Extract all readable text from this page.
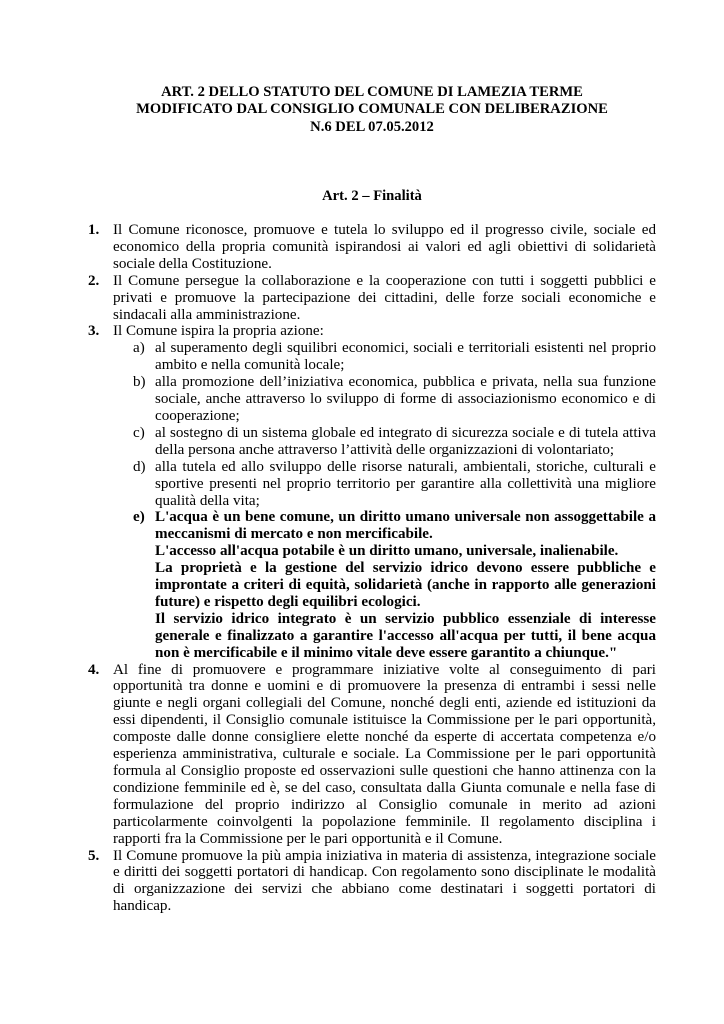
ART. 2 DELLO STATUTO DEL COMUNE DI LAMEZIA TERME
MODIFICATO DAL CONSIGLIO COMUNALE CON DELIBERAZIONE
N.6 DEL 07.05.2012
Art. 2 – Finalità
1. Il Comune riconosce, promuove e tutela lo sviluppo ed il progresso civile, sociale ed economico della propria comunità ispirandosi ai valori ed agli obiettivi di solidarietà sociale della Costituzione.
2. Il Comune persegue la collaborazione e la cooperazione con tutti i soggetti pubblici e privati e promuove la partecipazione dei cittadini, delle forze sociali economiche e sindacali alla amministrazione.
3. Il Comune ispira la propria azione:
a) al superamento degli squilibri economici, sociali e territoriali esistenti nel proprio ambito e nella comunità locale;
b) alla promozione dell’iniziativa economica, pubblica e privata, nella sua funzione sociale, anche attraverso lo sviluppo di forme di associazionismo economico e di cooperazione;
c) al sostegno di un sistema globale ed integrato di sicurezza sociale e di tutela attiva della persona anche attraverso l’attività delle organizzazioni di volontariato;
d) alla tutela ed allo sviluppo delle risorse naturali, ambientali, storiche, culturali e sportive presenti nel proprio territorio per garantire alla collettività una migliore qualità della vita;
e) L'acqua è un bene comune, un diritto umano universale non assoggettabile a meccanismi di mercato e non mercificabile.
L'accesso all'acqua potabile è un diritto umano, universale, inalienabile.
La proprietà e la gestione del servizio idrico devono essere pubbliche e improntate a criteri di equità, solidarietà (anche in rapporto alle generazioni future) e rispetto degli equilibri ecologici.
Il servizio idrico integrato è un servizio pubblico essenziale di interesse generale e finalizzato a garantire l'accesso all'acqua per tutti, il bene acqua non è mercificabile e il minimo vitale deve essere garantito a chiunque."
4. Al fine di promuovere e programmare iniziative volte al conseguimento di pari opportunità tra donne e uomini e di promuovere la presenza di entrambi i sessi nelle giunte e negli organi collegiali del Comune, nonché degli enti, aziende ed istituzioni da essi dipendenti, il Consiglio comunale istituisce la Commissione per le pari opportunità, composte dalle donne consigliere elette nonché da esperte di accertata competenza e/o esperienza amministrativa, culturale e sociale. La Commissione per le pari opportunità formula al Consiglio proposte ed osservazioni sulle questioni che hanno attinenza con la condizione femminile ed è, se del caso, consultata dalla Giunta comunale e nella fase di formulazione del proprio indirizzo al Consiglio comunale in merito ad azioni particolarmente coinvolgenti la popolazione femminile. Il regolamento disciplina i rapporti fra la Commissione per le pari opportunità e il Comune.
5. Il Comune promuove la più ampia iniziativa in materia di assistenza, integrazione sociale e diritti dei soggetti portatori di handicap. Con regolamento sono disciplinate le modalità di organizzazione dei servizi che abbiano come destinatari i soggetti portatori di handicap.
